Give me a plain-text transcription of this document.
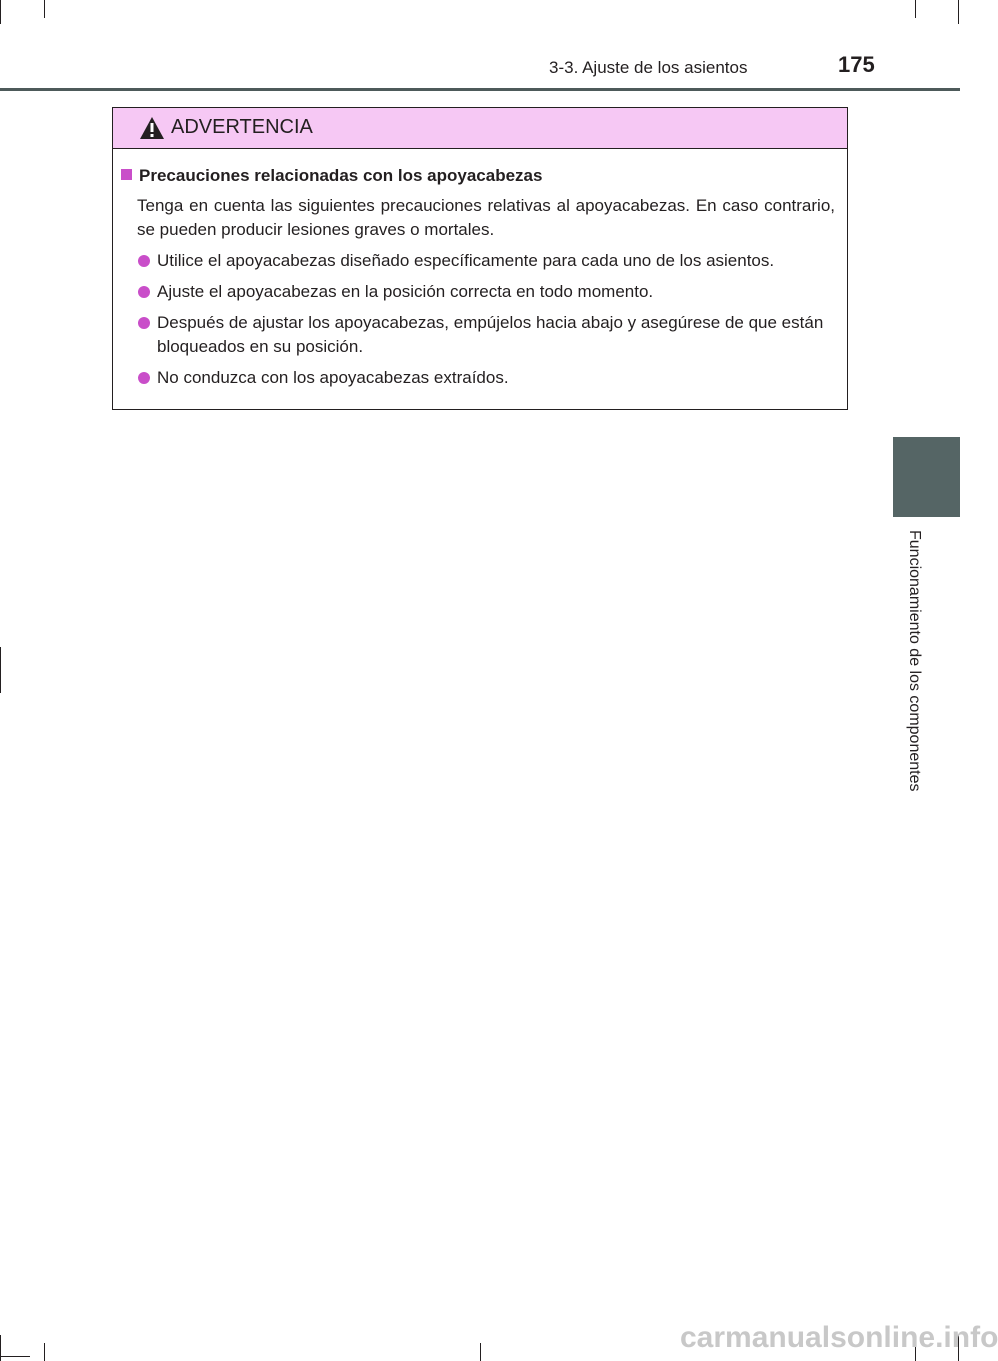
3-3. Ajuste de los asientos	175
3
Funcionamiento de los componentes
ADVERTENCIA
Precauciones relacionadas con los apoyacabezas
Tenga en cuenta las siguientes precauciones relativas al apoyacabezas. En caso contrario, se pueden producir lesiones graves o mortales.
Utilice el apoyacabezas diseñado específicamente para cada uno de los asientos.
Ajuste el apoyacabezas en la posición correcta en todo momento.
Después de ajustar los apoyacabezas, empújelos hacia abajo y asegúrese de que están bloqueados en su posición.
No conduzca con los apoyacabezas extraídos.
carmanualsonline.info
